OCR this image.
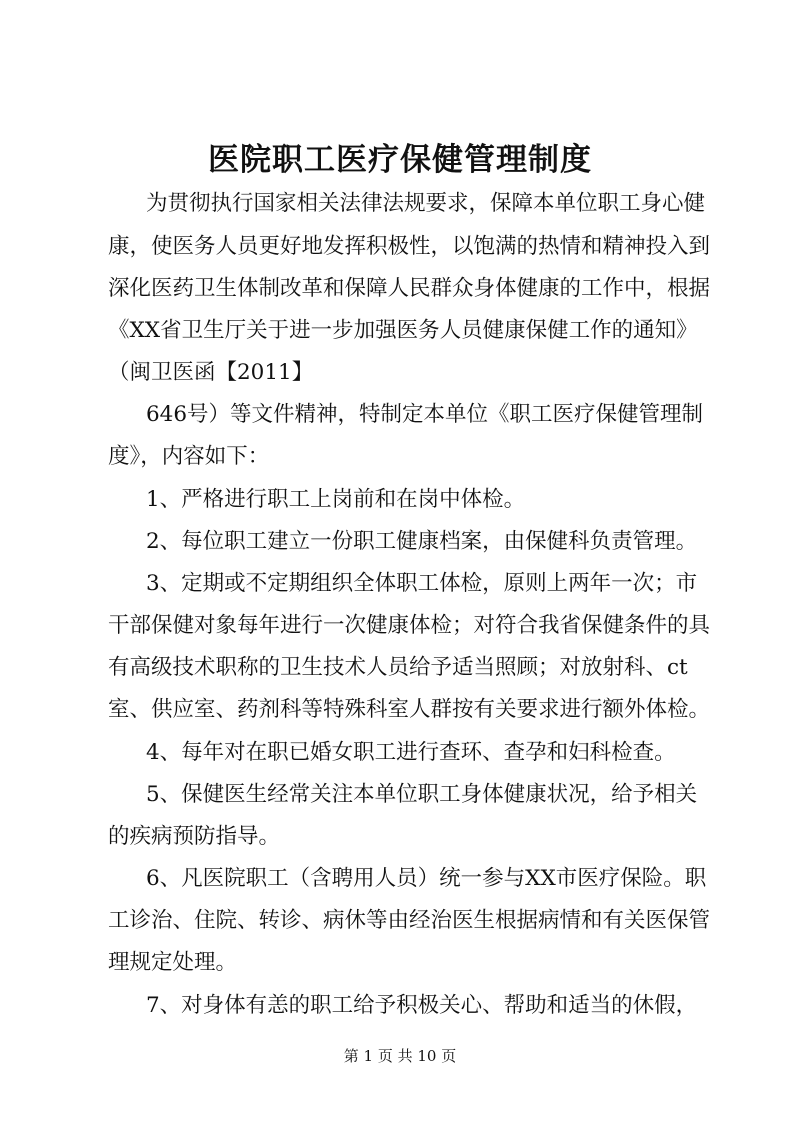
医院职工医疗保健管理制度
为贯彻执行国家相关法律法规要求，保障本单位职工身心健
康，使医务人员更好地发挥积极性，以饱满的热情和精神投入到
深化医药卫生体制改革和保障人民群众身体健康的工作中，根据
《XX省卫生厅关于进一步加强医务人员健康保健工作的通知》
（闽卫医函【2011】
646号）等文件精神，特制定本单位《职工医疗保健管理制
度》，内容如下：
1、严格进行职工上岗前和在岗中体检。
2、每位职工建立一份职工健康档案，由保健科负责管理。
3、定期或不定期组织全体职工体检，原则上两年一次；市
干部保健对象每年进行一次健康体检；对符合我省保健条件的具
有高级技术职称的卫生技术人员给予适当照顾；对放射科、ct
室、供应室、药剂科等特殊科室人群按有关要求进行额外体检。
4、每年对在职已婚女职工进行查环、查孕和妇科检查。
5、保健医生经常关注本单位职工身体健康状况，给予相关
的疾病预防指导。
6、凡医院职工（含聘用人员）统一参与XX市医疗保险。职
工诊治、住院、转诊、病休等由经治医生根据病情和有关医保管
理规定处理。
7、对身体有恙的职工给予积极关心、帮助和适当的休假，
第 1 页 共 10 页
